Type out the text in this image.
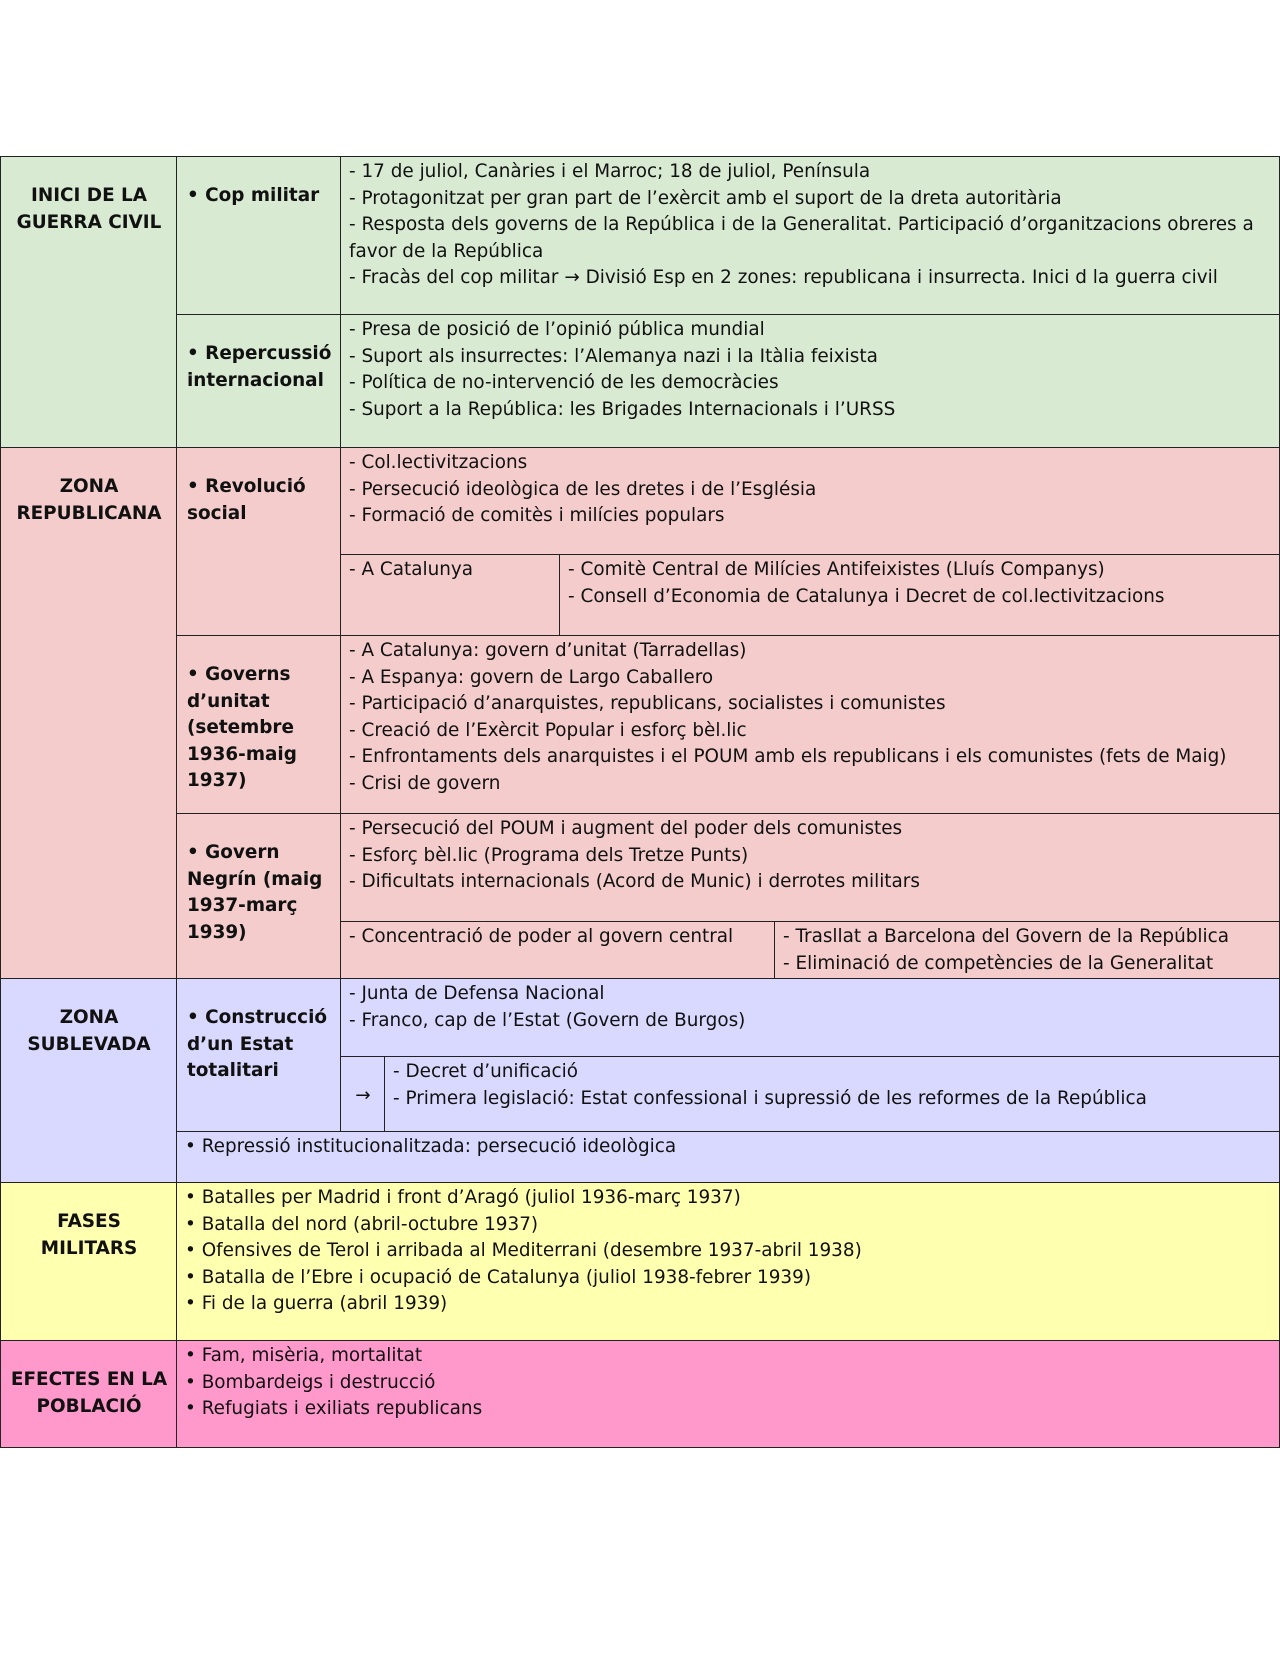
INICI DE LA GUERRA CIVIL
• Cop militar
- 17 de juliol, Canàries i el Marroc; 18 de juliol, Península
- Protagonitzat per gran part de l’exèrcit amb el suport de la dreta autoritària
- Resposta dels governs de la República i de la Generalitat. Participació d’organitzacions obreres a favor de la República
- Fracàs del cop militar → Divisió Esp en 2 zones: republicana i insurrecta. Inici d la guerra civil
• Repercussió internacional
- Presa de posició de l’opinió pública mundial
- Suport als insurrectes: l’Alemanya nazi i la Itàlia feixista
- Política de no-intervenció de les democràcies
- Suport a la República: les Brigades Internacionals i l’URSS
ZONA REPUBLICANA
• Revolució social
- Col.lectivitzacions
- Persecució ideològica de les dretes i de l’Església
- Formació de comitès i milícies populars
- A Catalunya	- Comitè Central de Milícies Antifeixistes (Lluís Companys)
- Consell d’Economia de Catalunya i Decret de col.lectivitzacions
• Governs d’unitat (setembre 1936-maig 1937)
- A Catalunya: govern d’unitat (Tarradellas)
- A Espanya: govern de Largo Caballero
- Participació d’anarquistes, republicans, socialistes i comunistes
- Creació de l’Exèrcit Popular i esforç bèl.lic
- Enfrontaments dels anarquistes i el POUM amb els republicans i els comunistes (fets de Maig)
- Crisi de govern
• Govern Negrín (maig 1937-març 1939)
- Persecució del POUM i augment del poder dels comunistes
- Esforç bèl.lic (Programa dels Tretze Punts)
- Dificultats internacionals (Acord de Munic) i derrotes militars
- Concentració de poder al govern central	- Trasllat a Barcelona del Govern de la República
- Eliminació de competències de la Generalitat
ZONA SUBLEVADA
• Construcció d’un Estat totalitari
- Junta de Defensa Nacional
- Franco, cap de l’Estat (Govern de Burgos)
→
- Decret d’unificació
- Primera legislació: Estat confessional i supressió de les reformes de la República
• Repressió institucionalitzada: persecució ideològica
FASES MILITARS
• Batalles per Madrid i front d’Aragó (juliol 1936-març 1937)
• Batalla del nord (abril-octubre 1937)
• Ofensives de Terol i arribada al Mediterrani (desembre 1937-abril 1938)
• Batalla de l’Ebre i ocupació de Catalunya (juliol 1938-febrer 1939)
• Fi de la guerra (abril 1939)
EFECTES EN LA POBLACIÓ
• Fam, misèria, mortalitat
• Bombardeigs i destrucció
• Refugiats i exiliats republicans
